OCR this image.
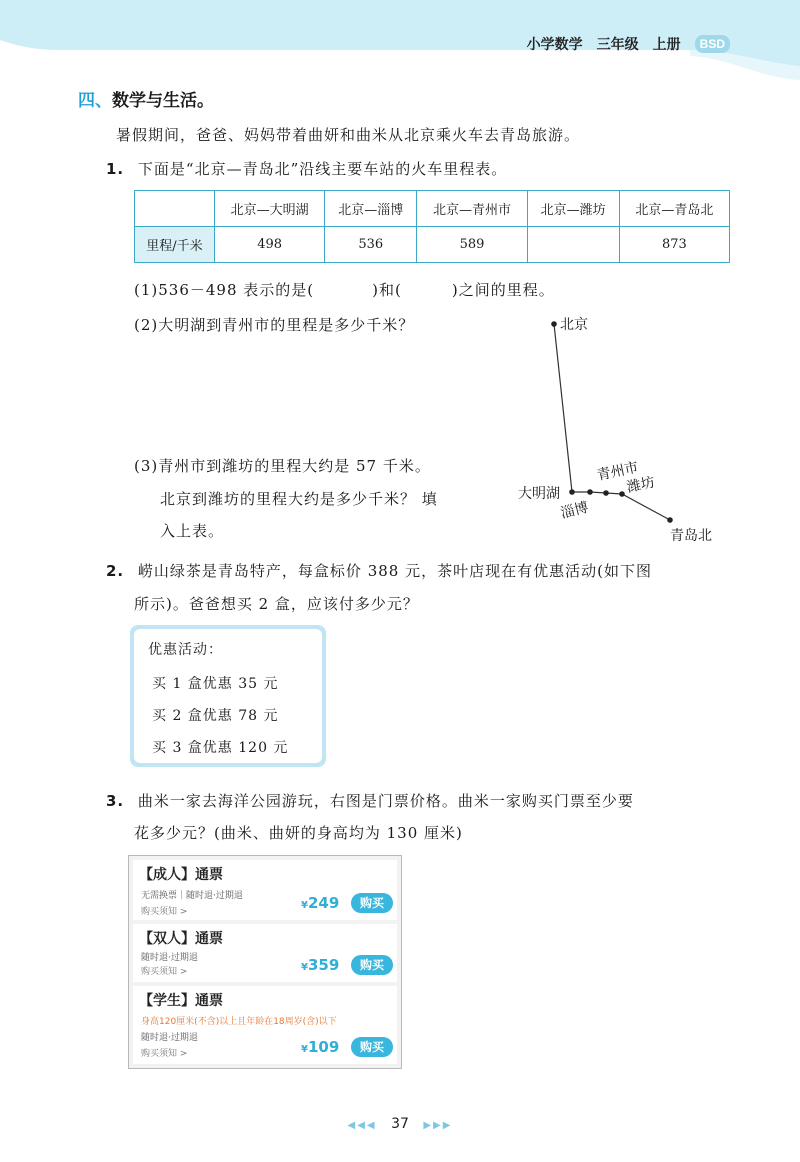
小学数学 三年级 上册	BSD
四、数学与生活。
暑假期间，爸爸、妈妈带着曲妍和曲米从北京乘火车去青岛旅游。
1. 下面是“北京—青岛北”沿线主要车站的火车里程表。
	北京—大明湖	北京—淄博	北京—青州市	北京—潍坊	北京—青岛北
里程/千米	498	536	589		873
(1)536－498 表示的是(	)和(	)之间的里程。
(2)大明湖到青州市的里程是多少千米？
(3)青州市到潍坊的里程大约是 57 千米。
北京到潍坊的里程大约是多少千米？ 填
入上表。
北京
大明湖
淄博
青州市
潍坊
青岛北
2. 崂山绿茶是青岛特产，每盒标价 388 元，茶叶店现在有优惠活动(如下图
所示)。爸爸想买 2 盒，应该付多少元？
优惠活动：
买 1 盒优惠 35 元
买 2 盒优惠 78 元
买 3 盒优惠 120 元
3. 曲米一家去海洋公园游玩，右图是门票价格。曲米一家购买门票至少要
花多少元？(曲米、曲妍的身高均为 130 厘米)
【成人】通票
无需换票｜随时退·过期退
购买须知 >
¥249	购买
【双人】通票
随时退·过期退
购买须知 >	¥359	购买
【学生】通票
身高120厘米(不含)以上且年龄在18周岁(含)以下
随时退·过期退
购买须知 >	¥109	购买
◀◀◀ 37 ▶▶▶
